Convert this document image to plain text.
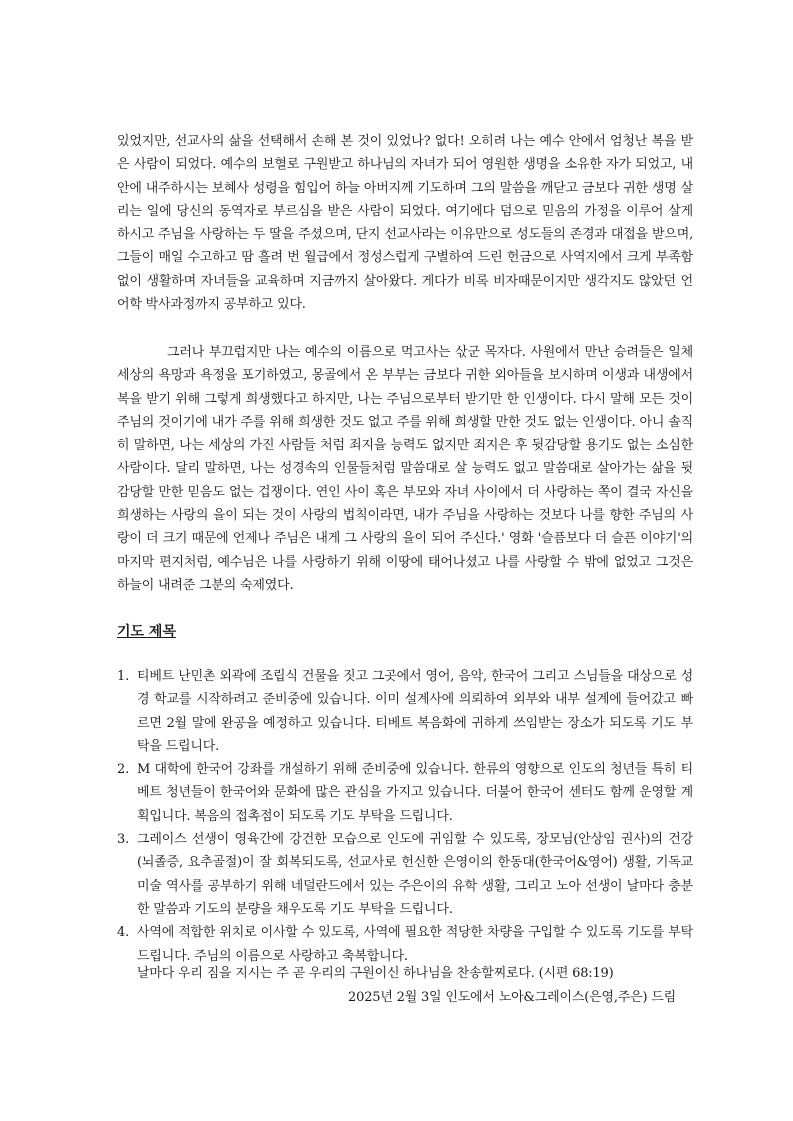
있었지만, 선교사의 삶을 선택해서 손해 본 것이 있었나? 없다! 오히려 나는 예수 안에서 엄청난 복을 받은 사람이 되었다. 예수의 보혈로 구원받고 하나님의 자녀가 되어 영원한 생명을 소유한 자가 되었고, 내 안에 내주하시는 보혜사 성령을 힘입어 하늘 아버지께 기도하며 그의 말씀을 깨닫고 금보다 귀한 생명 살리는 일에 당신의 동역자로 부르심을 받은 사람이 되었다. 여기에다 덤으로 믿음의 가정을 이루어 살게 하시고 주님을 사랑하는 두 딸을 주셨으며, 단지 선교사라는 이유만으로 성도들의 존경과 대접을 받으며, 그들이 매일 수고하고 땀 흘려 번 월급에서 정성스럽게 구별하여 드린 헌금으로 사역지에서 크게 부족함 없이 생활하며 자녀들을 교육하며 지금까지 살아왔다. 게다가 비록 비자때문이지만 생각지도 않았던 언어학 박사과정까지 공부하고 있다.

그러나 부끄럽지만 나는 예수의 이름으로 먹고사는 삯군 목자다. 사원에서 만난 승려들은 일체 세상의 욕망과 욕정을 포기하였고, 몽골에서 온 부부는 금보다 귀한 외아들을 보시하며 이생과 내생에서 복을 받기 위해 그렇게 희생했다고 하지만, 나는 주님으로부터 받기만 한 인생이다. 다시 말해 모든 것이 주님의 것이기에 내가 주를 위해 희생한 것도 없고 주를 위해 희생할 만한 것도 없는 인생이다. 아니 솔직히 말하면, 나는 세상의 가진 사람들 처럼 죄지을 능력도 없지만 죄지은 후 뒷감당할 용기도 없는 소심한 사람이다. 달리 말하면, 나는 성경속의 인물들처럼 말씀대로 살 능력도 없고 말씀대로 살아가는 삶을 뒷감당할 만한 믿음도 없는 겁쟁이다. 연인 사이 혹은 부모와 자녀 사이에서 더 사랑하는 쪽이 결국 자신을 희생하는 사랑의 을이 되는 것이 사랑의 법칙이라면, 내가 주님을 사랑하는 것보다 나를 향한 주님의 사랑이 더 크기 때문에 언제나 주님은 내게 그 사랑의 을이 되어 주신다.' 영화 '슬픔보다 더 슬픈 이야기'의 마지막 편지처럼, 예수님은 나를 사랑하기 위해 이땅에 태어나셨고 나를 사랑할 수 밖에 없었고 그것은 하늘이 내려준 그분의 숙제였다.

기도 제목
1. 티베트 난민촌 외곽에 조립식 건물을 짓고 그곳에서 영어, 음악, 한국어 그리고 스님들을 대상으로 성경 학교를 시작하려고 준비중에 있습니다. 이미 설계사에 의뢰하여 외부와 내부 설계에 들어갔고 빠르면 2월 말에 완공을 예정하고 있습니다. 티베트 복음화에 귀하게 쓰임받는 장소가 되도록 기도 부탁을 드립니다.
2. M 대학에 한국어 강좌를 개설하기 위해 준비중에 있습니다. 한류의 영향으로 인도의 청년들 특히 티베트 청년들이 한국어와 문화에 많은 관심을 가지고 있습니다. 더불어 한국어 센터도 함께 운영할 계획입니다. 복음의 접촉점이 되도록 기도 부탁을 드립니다.
3. 그레이스 선생이 영육간에 강건한 모습으로 인도에 귀임할 수 있도록, 장모님(안상임 권사)의 건강(뇌졸증, 요추골절)이 잘 회복되도록, 선교사로 헌신한 은영이의 한동대(한국어&영어) 생활, 기독교 미술 역사를 공부하기 위해 네덜란드에서 있는 주은이의 유학 생활, 그리고 노아 선생이 날마다 충분한 말씀과 기도의 분량을 채우도록 기도 부탁을 드립니다.
4. 사역에 적합한 위치로 이사할 수 있도록, 사역에 필요한 적당한 차량을 구입할 수 있도록 기도를 부탁드립니다. 주님의 이름으로 사랑하고 축복합니다.

날마다 우리 짐을 지시는 주 곧 우리의 구원이신 하나님을 찬송할찌로다. (시편 68:19)

2025년 2월 3일 인도에서 노아&그레이스(은영,주은) 드림
